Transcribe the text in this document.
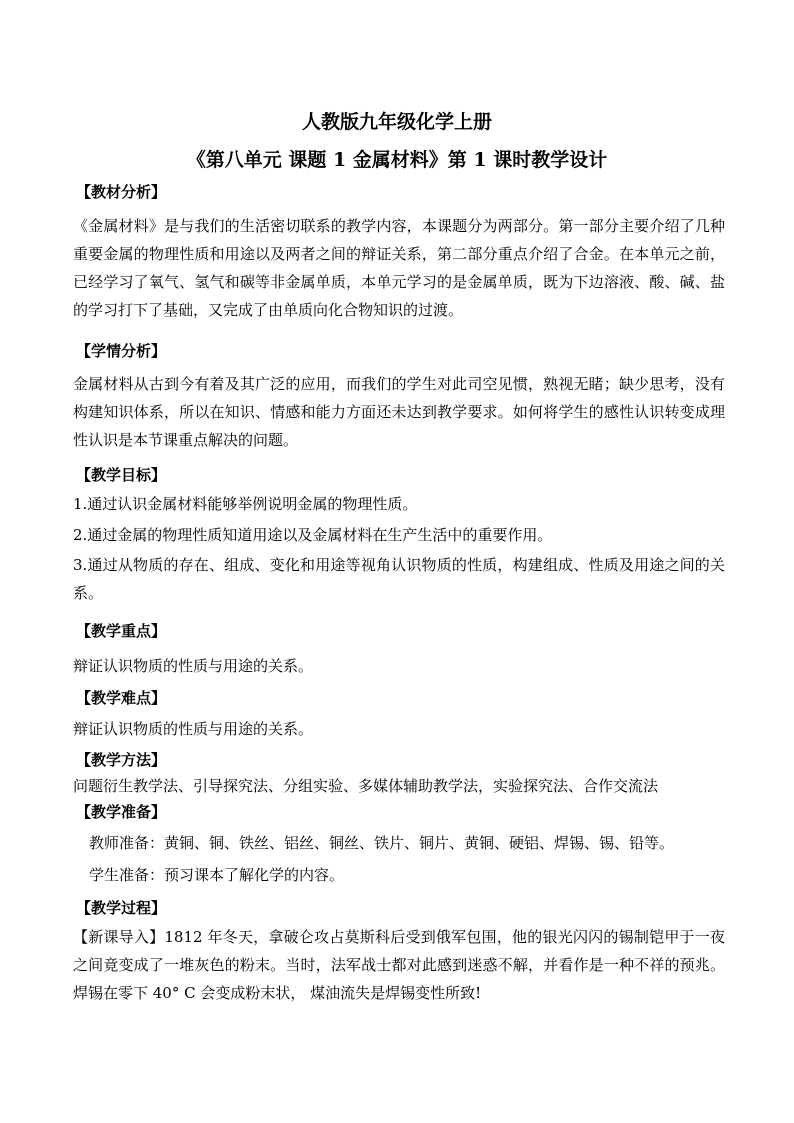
人教版九年级化学上册
《第八单元 课题 1 金属材料》第 1 课时教学设计
【教材分析】
《金属材料》是与我们的生活密切联系的教学内容，本课题分为两部分。第一部分主要介绍了几种重要金属的物理性质和用途以及两者之间的辩证关系，第二部分重点介绍了合金。在本单元之前，已经学习了氧气、氢气和碳等非金属单质，本单元学习的是金属单质，既为下边溶液、酸、碱、盐的学习打下了基础，又完成了由单质向化合物知识的过渡。
【学情分析】
金属材料从古到今有着及其广泛的应用，而我们的学生对此司空见惯，熟视无睹；缺少思考，没有构建知识体系，所以在知识、情感和能力方面还未达到教学要求。如何将学生的感性认识转变成理性认识是本节课重点解决的问题。
【教学目标】
1.通过认识金属材料能够举例说明金属的物理性质。
2.通过金属的物理性质知道用途以及金属材料在生产生活中的重要作用。
3.通过从物质的存在、组成、变化和用途等视角认识物质的性质，构建组成、性质及用途之间的关系。
【教学重点】
辩证认识物质的性质与用途的关系。
【教学难点】
辩证认识物质的性质与用途的关系。
【教学方法】
问题衍生教学法、引导探究法、分组实验、多媒体辅助教学法，实验探究法、合作交流法
【教学准备】
教师准备：黄铜、铜、铁丝、铝丝、铜丝、铁片、铜片、黄铜、硬铝、焊锡、锡、铅等。
学生准备：预习课本了解化学的内容。
【教学过程】
【新课导入】1812 年冬天，拿破仑攻占莫斯科后受到俄军包围，他的银光闪闪的锡制铠甲于一夜之间竟变成了一堆灰色的粉末。当时，法军战士都对此感到迷惑不解，并看作是一种不祥的预兆。焊锡在零下 40° C 会变成粉末状， 煤油流失是焊锡变性所致!
